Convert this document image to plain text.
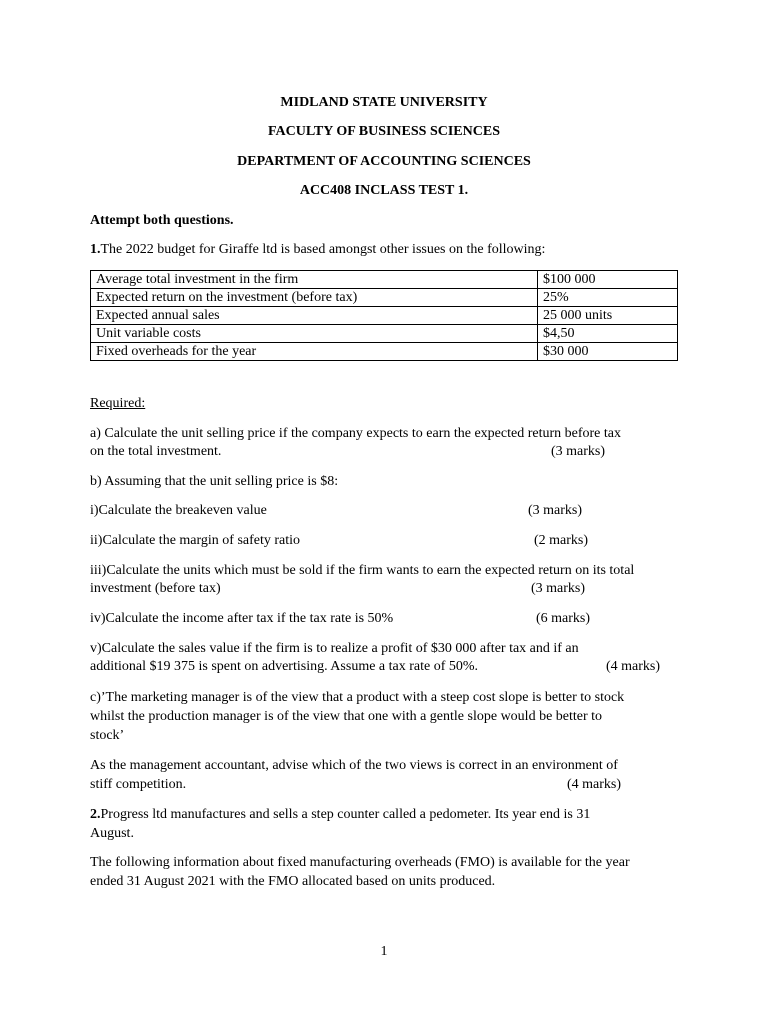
MIDLAND STATE UNIVERSITY
FACULTY OF BUSINESS SCIENCES
DEPARTMENT OF ACCOUNTING SCIENCES
ACC408 INCLASS TEST 1.
Attempt both questions.
1.The 2022 budget for Giraffe ltd is based amongst other issues on the following:
Average total investment in the firm	$100 000
Expected return on the investment (before tax)	25%
Expected annual sales	25 000 units
Unit variable costs	$4,50
Fixed overheads for the year	$30 000
Required:
a) Calculate the unit selling price if the company expects to earn the expected return before tax
on the total investment.	(3 marks)
b) Assuming that the unit selling price is $8:
i)Calculate the breakeven value	(3 marks)
ii)Calculate the margin of safety ratio	(2 marks)
iii)Calculate the units which must be sold if the firm wants to earn the expected return on its total
investment (before tax)	(3 marks)
iv)Calculate the income after tax if the tax rate is 50%	(6 marks)
v)Calculate the sales value if the firm is to realize a profit of $30 000 after tax and if an
additional $19 375 is spent on advertising. Assume a tax rate of 50%.	(4 marks)
c)’The marketing manager is of the view that a product with a steep cost slope is better to stock
whilst the production manager is of the view that one with a gentle slope would be better to
stock’
As the management accountant, advise which of the two views is correct in an environment of
stiff competition.	(4 marks)
2.Progress ltd manufactures and sells a step counter called a pedometer. Its year end is 31
August.
The following information about fixed manufacturing overheads (FMO) is available for the year
ended 31 August 2021 with the FMO allocated based on units produced.
1
